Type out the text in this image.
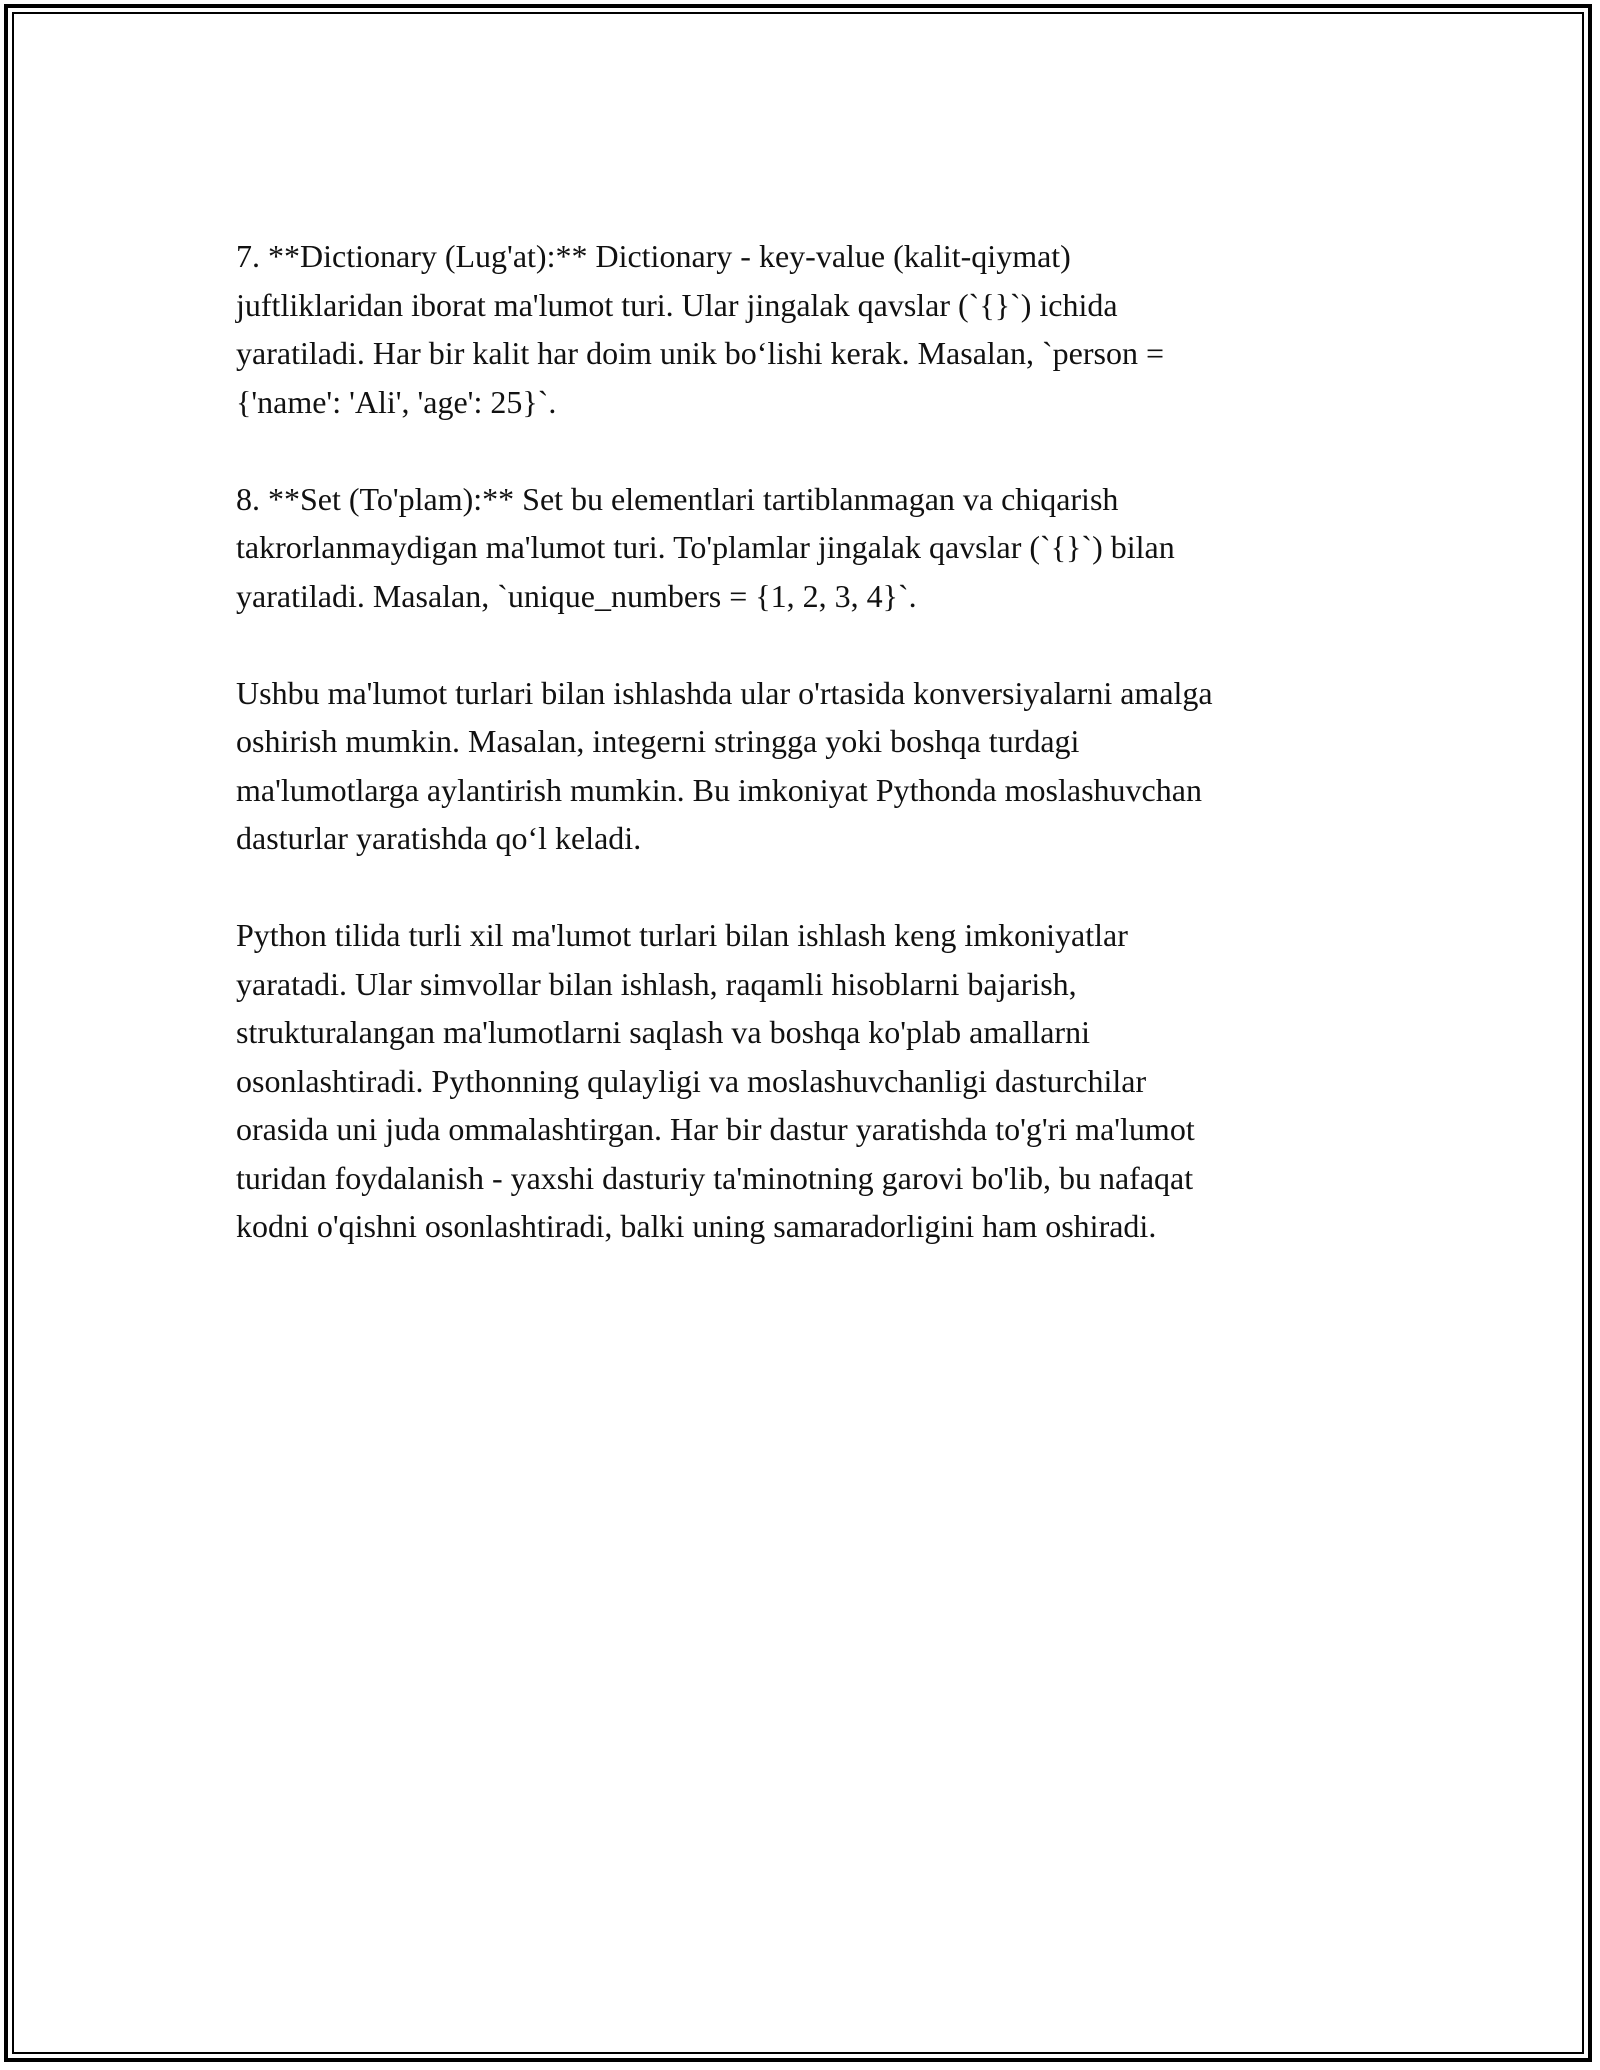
7. **Dictionary (Lug'at):** Dictionary - key-value (kalit-qiymat)
juftliklaridan iborat ma'lumot turi. Ular jingalak qavslar (`{}`) ichida
yaratiladi. Har bir kalit har doim unik bo‘lishi kerak. Masalan, `person =
{'name': 'Ali', 'age': 25}`.

8. **Set (To'plam):** Set bu elementlari tartiblanmagan va chiqarish
takrorlanmaydigan ma'lumot turi. To'plamlar jingalak qavslar (`{}`) bilan
yaratiladi. Masalan, `unique_numbers = {1, 2, 3, 4}`.

Ushbu ma'lumot turlari bilan ishlashda ular o'rtasida konversiyalarni amalga
oshirish mumkin. Masalan, integerni stringga yoki boshqa turdagi
ma'lumotlarga aylantirish mumkin. Bu imkoniyat Pythonda moslashuvchan
dasturlar yaratishda qo‘l keladi.

Python tilida turli xil ma'lumot turlari bilan ishlash keng imkoniyatlar
yaratadi. Ular simvollar bilan ishlash, raqamli hisoblarni bajarish,
strukturalangan ma'lumotlarni saqlash va boshqa ko'plab amallarni
osonlashtiradi. Pythonning qulayligi va moslashuvchanligi dasturchilar
orasida uni juda ommalashtirgan. Har bir dastur yaratishda to'g'ri ma'lumot
turidan foydalanish - yaxshi dasturiy ta'minotning garovi bo'lib, bu nafaqat
kodni o'qishni osonlashtiradi, balki uning samaradorligini ham oshiradi.
